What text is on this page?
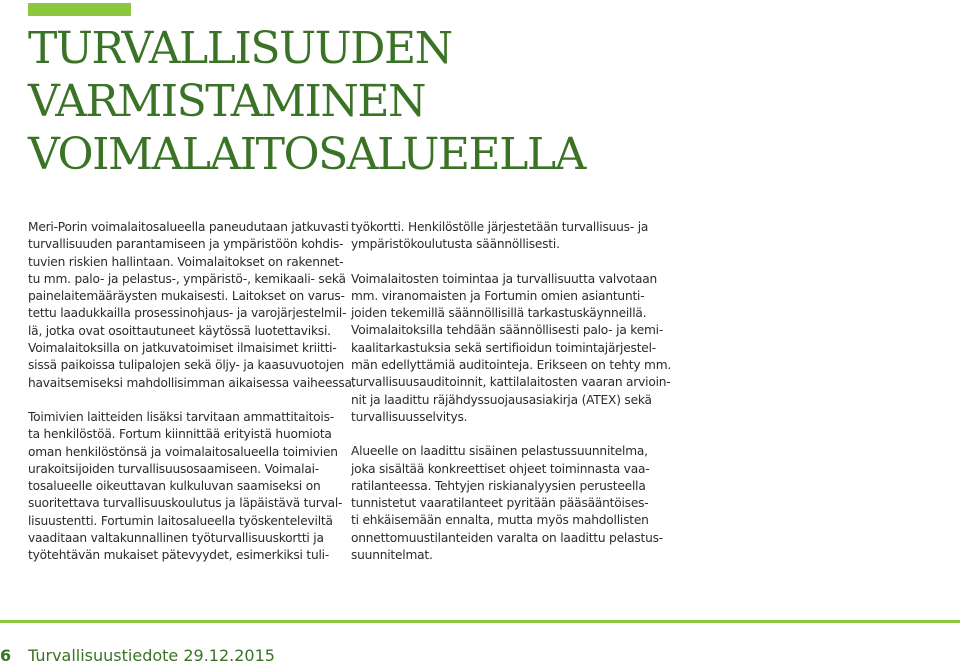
TURVALLISUUDEN
VARMISTAMINEN
VOIMALAITOSALUEELLA

Meri-Porin voimalaitosalueella paneudutaan jatkuvasti
turvallisuuden parantamiseen ja ympäristöön kohdis-
tuvien riskien hallintaan. Voimalaitokset on rakennet-
tu mm. palo- ja pelastus-, ympäristö-, kemikaali- sekä
painelaitemääräysten mukaisesti. Laitokset on varus-
tettu laadukkailla prosessinohjaus- ja varojärjestelmil-
lä, jotka ovat osoittautuneet käytössä luotettaviksi.
Voimalaitoksilla on jatkuvatoimiset ilmaisimet kriitti-
sissä paikoissa tulipalojen sekä öljy- ja kaasuvuotojen
havaitsemiseksi mahdollisimman aikaisessa vaiheessa.

Toimivien laitteiden lisäksi tarvitaan ammattitaitois-
ta henkilöstöä. Fortum kiinnittää erityistä huomiota
oman henkilöstönsä ja voimalaitosalueella toimivien
urakoitsijoiden turvallisuusosaamiseen. Voimalai-
tosalueelle oikeuttavan kulkuluvan saamiseksi on
suoritettava turvallisuuskoulutus ja läpäistävä turval-
lisuustentti. Fortumin laitosalueella työskenteleviltä
vaaditaan valtakunnallinen työturvallisuuskortti ja
työtehtävän mukaiset pätevyydet, esimerkiksi tuli-

työkortti. Henkilöstölle järjestetään turvallisuus- ja
ympäristökoulutusta säännöllisesti.

Voimalaitosten toimintaa ja turvallisuutta valvotaan
mm. viranomaisten ja Fortumin omien asiantunti-
joiden tekemillä säännöllisillä tarkastuskäynneillä.
Voimalaitoksilla tehdään säännöllisesti palo- ja kemi-
kaalitarkastuksia sekä sertifioidun toimintajärjestel-
män edellyttämiä auditointeja. Erikseen on tehty mm.
turvallisuusauditoinnit, kattilalaitosten vaaran arvioin-
nit ja laadittu räjähdyssuojausasiakirja (ATEX) sekä
turvallisuusselvitys.

Alueelle on laadittu sisäinen pelastussuunnitelma,
joka sisältää konkreettiset ohjeet toiminnasta vaa-
ratilanteessa. Tehtyjen riskianalyysien perusteella
tunnistetut vaaratilanteet pyritään pääsääntöises-
ti ehkäisemään ennalta, mutta myös mahdollisten
onnettomuustilanteiden varalta on laadittu pelastus-
suunnitelmat.

6 Turvallisuustiedote 29.12.2015
